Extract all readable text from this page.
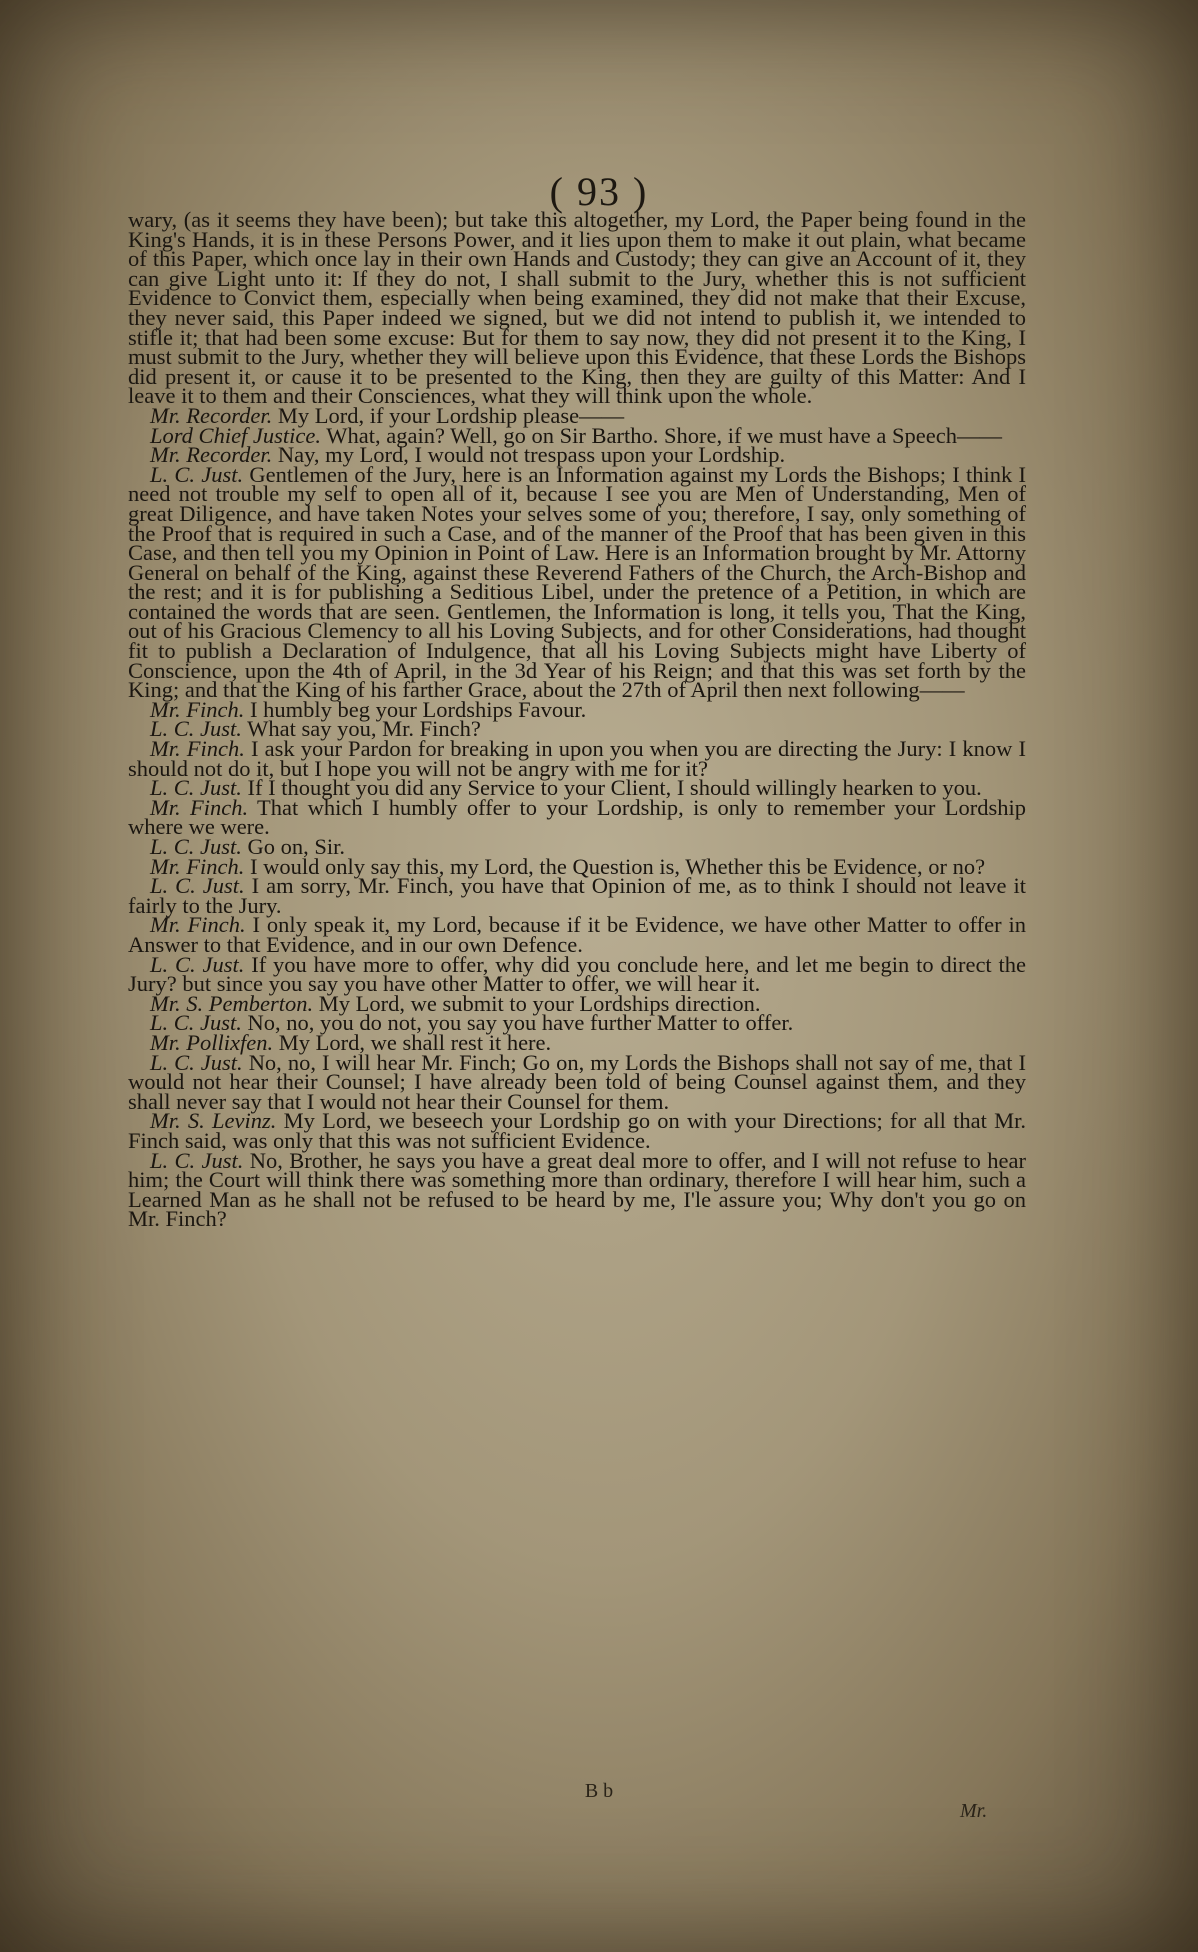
( 93 )

wary, (as it seems they have been); but take this altogether, my Lord, the Paper being found in the King's Hands, it is in these Persons Power, and it lies upon them to make it out plain, what became of this Paper, which once lay in their own Hands and Custody; they can give an Account of it, they can give Light unto it: If they do not, I shall submit to the Jury, whether this is not sufficient Evidence to Convict them, especially when being examined, they did not make that their Excuse, they never said, this Paper indeed we signed, but we did not intend to publish it, we intended to stifle it; that had been some excuse: But for them to say now, they did not present it to the King, I must submit to the Jury, whether they will believe upon this Evidence, that these Lords the Bishops did present it, or cause it to be presented to the King, then they are guilty of this Matter: And I leave it to them and their Consciences, what they will think upon the whole.

Mr. Recorder. My Lord, if your Lordship please——

Lord Chief Justice. What, again? Well, go on Sir Bartho. Shore, if we must have a Speech——

Mr. Recorder. Nay, my Lord, I would not trespass upon your Lordship.

L. C. Just. Gentlemen of the Jury, here is an Information against my Lords the Bishops; I think I need not trouble my self to open all of it, because I see you are Men of Understanding, Men of great Diligence, and have taken Notes your selves some of you; therefore, I say, only something of the Proof that is required in such a Case, and of the manner of the Proof that has been given in this Case, and then tell you my Opinion in Point of Law. Here is an Information brought by Mr. Attorny General on behalf of the King, against these Reverend Fathers of the Church, the Arch-Bishop and the rest; and it is for publishing a Seditious Libel, under the pretence of a Petition, in which are contained the words that are seen. Gentlemen, the Information is long, it tells you, That the King, out of his Gracious Clemency to all his Loving Subjects, and for other Considerations, had thought fit to publish a Declaration of Indulgence, that all his Loving Subjects might have Liberty of Conscience, upon the 4th of April, in the 3d Year of his Reign; and that this was set forth by the King; and that the King of his farther Grace, about the 27th of April then next following——

Mr. Finch. I humbly beg your Lordships Favour.

L. C. Just. What say you, Mr. Finch?

Mr. Finch. I ask your Pardon for breaking in upon you when you are directing the Jury: I know I should not do it, but I hope you will not be angry with me for it?

L. C. Just. If I thought you did any Service to your Client, I should willingly hearken to you.

Mr. Finch. That which I humbly offer to your Lordship, is only to remember your Lordship where we were.

L. C. Just. Go on, Sir.

Mr. Finch. I would only say this, my Lord, the Question is, Whether this be Evidence, or no?

L. C. Just. I am sorry, Mr. Finch, you have that Opinion of me, as to think I should not leave it fairly to the Jury.

Mr. Finch. I only speak it, my Lord, because if it be Evidence, we have other Matter to offer in Answer to that Evidence, and in our own Defence.

L. C. Just. If you have more to offer, why did you conclude here, and let me begin to direct the Jury? but since you say you have other Matter to offer, we will hear it.

Mr. S. Pemberton. My Lord, we submit to your Lordships direction.

L. C. Just. No, no, you do not, you say you have further Matter to offer.

Mr. Pollixfen. My Lord, we shall rest it here.

L. C. Just. No, no, I will hear Mr. Finch; Go on, my Lords the Bishops shall not say of me, that I would not hear their Counsel; I have already been told of being Counsel against them, and they shall never say that I would not hear their Counsel for them.

Mr. S. Levinz. My Lord, we beseech your Lordship go on with your Directions; for all that Mr. Finch said, was only that this was not sufficient Evidence.

L. C. Just. No, Brother, he says you have a great deal more to offer, and I will not refuse to hear him; the Court will think there was something more than ordinary, therefore I will hear him, such a Learned Man as he shall not be refused to be heard by me, I'le assure you; Why don't you go on Mr. Finch?

B b
Mr.
